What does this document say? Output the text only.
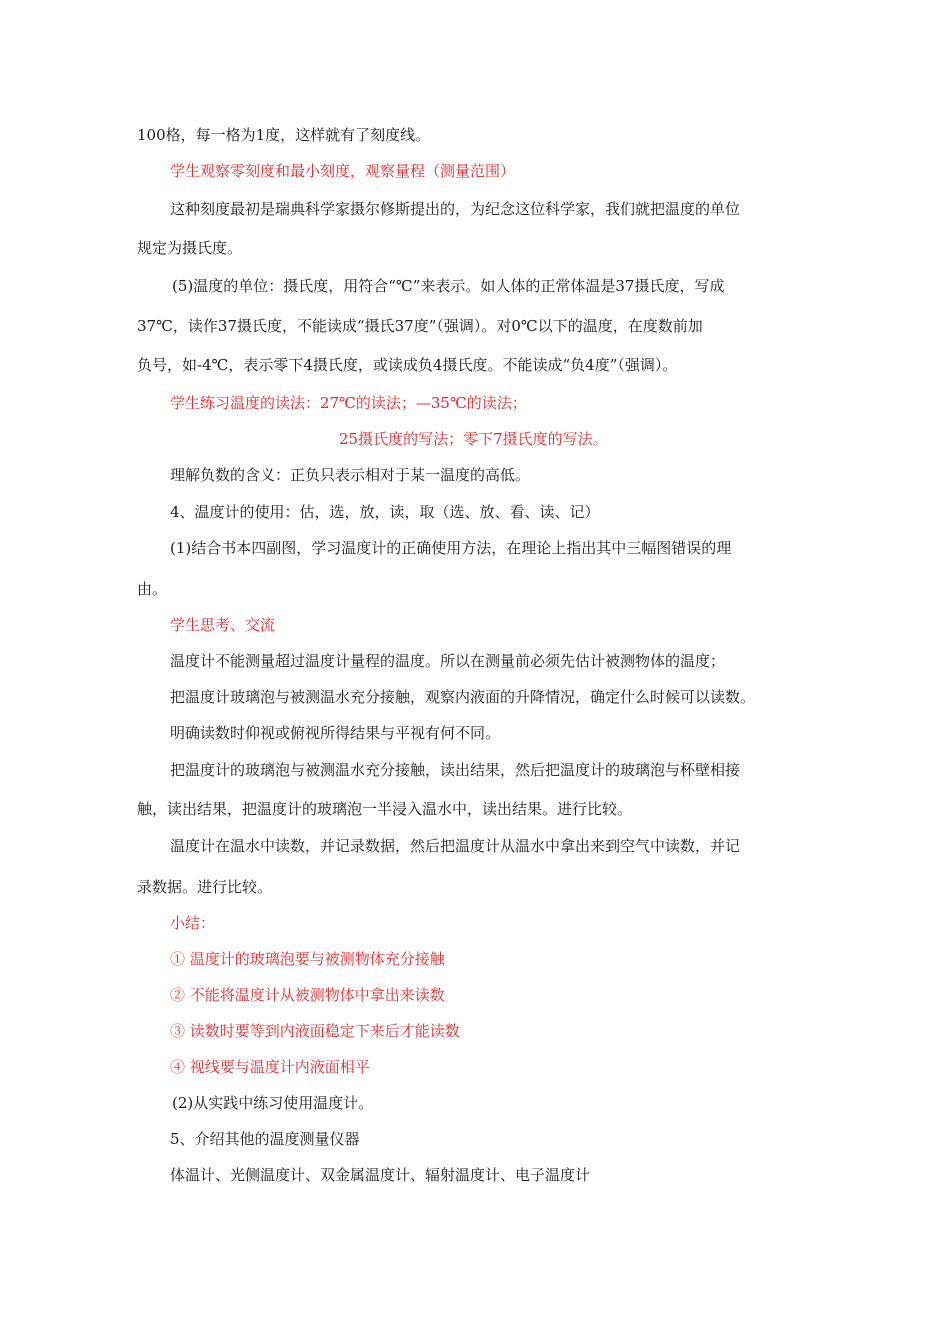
100格，每一格为1度，这样就有了刻度线。
学生观察零刻度和最小刻度，观察量程（测量范围）
这种刻度最初是瑞典科学家摄尔修斯提出的，为纪念这位科学家，我们就把温度的单位
规定为摄氏度。
(5)温度的单位：摄氏度，用符合“℃”来表示。如人体的正常体温是37摄氏度，写成
37℃，读作37摄氏度，不能读成“摄氏37度”（强调）。对0℃以下的温度，在度数前加
负号，如-4℃，表示零下4摄氏度，或读成负4摄氏度。不能读成“负4度”（强调）。
学生练习温度的读法：27℃的读法；—35℃的读法；
25摄氏度的写法；零下7摄氏度的写法。
理解负数的含义：正负只表示相对于某一温度的高低。
4、温度计的使用：估，选，放，读，取（选、放、看、读、记）
(1)结合书本四副图，学习温度计的正确使用方法，在理论上指出其中三幅图错误的理
由。
学生思考、交流
温度计不能测量超过温度计量程的温度。所以在测量前必须先估计被测物体的温度；
把温度计玻璃泡与被测温水充分接触，观察内液面的升降情况，确定什么时候可以读数。
明确读数时仰视或俯视所得结果与平视有何不同。
把温度计的玻璃泡与被测温水充分接触，读出结果，然后把温度计的玻璃泡与杯壁相接
触，读出结果，把温度计的玻璃泡一半浸入温水中，读出结果。进行比较。
温度计在温水中读数，并记录数据，然后把温度计从温水中拿出来到空气中读数，并记
录数据。进行比较。
小结：
① 温度计的玻璃泡要与被测物体充分接触
② 不能将温度计从被测物体中拿出来读数
③ 读数时要等到内液面稳定下来后才能读数
④ 视线要与温度计内液面相平
(2)从实践中练习使用温度计。
5、介绍其他的温度测量仪器
体温计、光侧温度计、双金属温度计、辐射温度计、电子温度计
